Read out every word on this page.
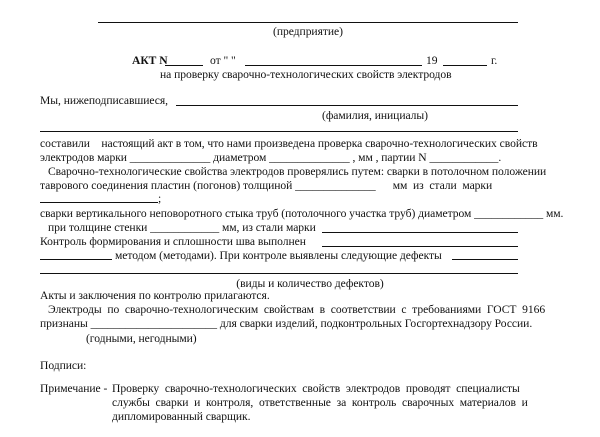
(предприятие)

АКТ N	от " "	19	г.

на проверку сварочно-технологических свойств электродов

Мы, нижеподписавшиеся,

(фамилия, инициалы)

составили    настоящий акт в том, что нами произведена проверка сварочно-технологических свойств

электродов марки ______________ диаметром ______________ , мм , партии N ____________.

Сварочно-технологические свойства электродов проверялись путем: сварки в потолочном положении

таврового соединения пластин (погонов) толщиной ______________      мм  из  стали  марки

;

сварки вертикального неповоротного стыка труб (потолочного участка труб) диаметром ____________ мм.

при толщине стенки ____________ мм, из стали марки

Контроль формирования и сплошности шва выполнен

методом (методами). При контроле выявлены следующие дефекты

(виды и количество дефектов)

Акты и заключения по контролю прилагаются.

Электроды  по  сварочно-технологическим  свойствам  в  соответствии  с  требованиями  ГОСТ  9166

признаны ______________________ для сварки изделий, подконтрольных Госгортехнадзору России.

(годными, негодными)

Подписи:

Примечание - Проверку  сварочно-технологических  свойств  электродов  проводят  специалисты

службы  сварки  и  контроля,  ответственные  за  контроль  сварочных  материалов  и

дипломированный сварщик.
